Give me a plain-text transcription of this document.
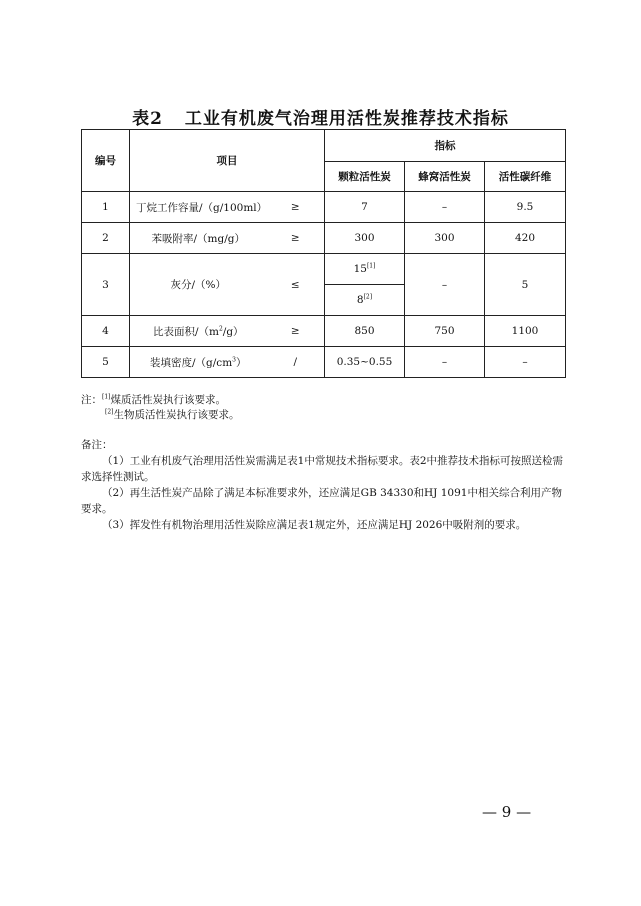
表2 工业有机废气治理用活性炭推荐技术指标
编号	项目		指标		
			颗粒活性炭	蜂窝活性炭	活性碳纤维
1	丁烷工作容量/（g/100ml）	≥	7	–	9.5
2	苯吸附率/（mg/g）	≥	300	300	420
3	灰分/（%）	≤	15[1]	–	5
			8[2]
4	比表面积$/(m^2/g)$	≥	850	750	1100
5	装填密度$/(g/cm^3)$	/	0.35~0.55	–	–
注：[1]煤质活性炭执行该要求。
[2]生物质活性炭执行该要求。

备注：

（1）工业有机废气治理用活性炭需满足表1中常规技术指标要求。表2中推荐技术指标可按照送检需求选择性测试。

（2）再生活性炭产品除了满足本标准要求外，还应满足GB 34330和HJ 1091中相关综合利用产物要求。

（3）挥发性有机物治理用活性炭除应满足表1规定外，还应满足HJ 2026中吸附剂的要求。

— 9 —
